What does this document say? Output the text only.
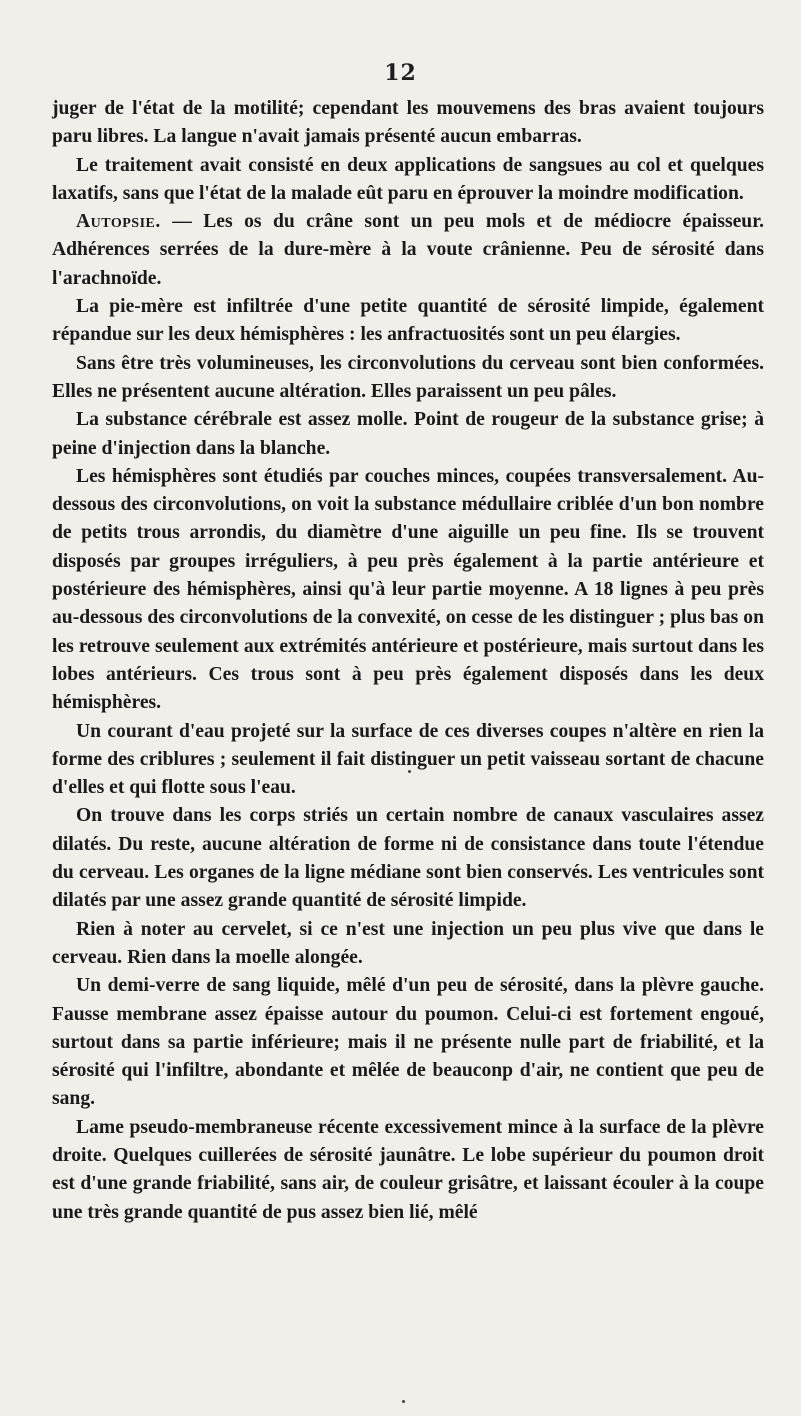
12

juger de l'état de la motilité; cependant les mouvemens des bras avaient toujours paru libres. La langue n'avait jamais présenté aucun embarras.

Le traitement avait consisté en deux applications de sangsues au col et quelques laxatifs, sans que l'état de la malade eût paru en éprouver la moindre modification.

Autopsie. — Les os du crâne sont un peu mols et de médiocre épaisseur. Adhérences serrées de la dure-mère à la voute crânienne. Peu de sérosité dans l'arachnoïde.

La pie-mère est infiltrée d'une petite quantité de sérosité limpide, également répandue sur les deux hémisphères : les anfractuosités sont un peu élargies.

Sans être très volumineuses, les circonvolutions du cerveau sont bien conformées. Elles ne présentent aucune altération. Elles paraissent un peu pâles.

La substance cérébrale est assez molle. Point de rougeur de la substance grise; à peine d'injection dans la blanche.

Les hémisphères sont étudiés par couches minces, coupées transversalement. Au-dessous des circonvolutions, on voit la substance médullaire criblée d'un bon nombre de petits trous arrondis, du diamètre d'une aiguille un peu fine. Ils se trouvent disposés par groupes irréguliers, à peu près également à la partie antérieure et postérieure des hémisphères, ainsi qu'à leur partie moyenne. A 18 lignes à peu près au-dessous des circonvolutions de la convexité, on cesse de les distinguer ; plus bas on les retrouve seulement aux extrémités antérieure et postérieure, mais surtout dans les lobes antérieurs. Ces trous sont à peu près également disposés dans les deux hémisphères.

Un courant d'eau projeté sur la surface de ces diverses coupes n'altère en rien la forme des criblures ; seulement il fait distinguer un petit vaisseau sortant de chacune d'elles et qui flotte sous l'eau.

On trouve dans les corps striés un certain nombre de canaux vasculaires assez dilatés. Du reste, aucune altération de forme ni de consistance dans toute l'étendue du cerveau. Les organes de la ligne médiane sont bien conservés. Les ventricules sont dilatés par une assez grande quantité de sérosité limpide.

Rien à noter au cervelet, si ce n'est une injection un peu plus vive que dans le cerveau. Rien dans la moelle alongée.

Un demi-verre de sang liquide, mêlé d'un peu de sérosité, dans la plèvre gauche. Fausse membrane assez épaisse autour du poumon. Celui-ci est fortement engoué, surtout dans sa partie inférieure; mais il ne présente nulle part de friabilité, et la sérosité qui l'infiltre, abondante et mêlée de beauconp d'air, ne contient que peu de sang.

Lame pseudo-membraneuse récente excessivement mince à la surface de la plèvre droite. Quelques cuillerées de sérosité jaunâtre. Le lobe supérieur du poumon droit est d'une grande friabilité, sans air, de couleur grisâtre, et laissant écouler à la coupe une très grande quantité de pus assez bien lié, mêlé
